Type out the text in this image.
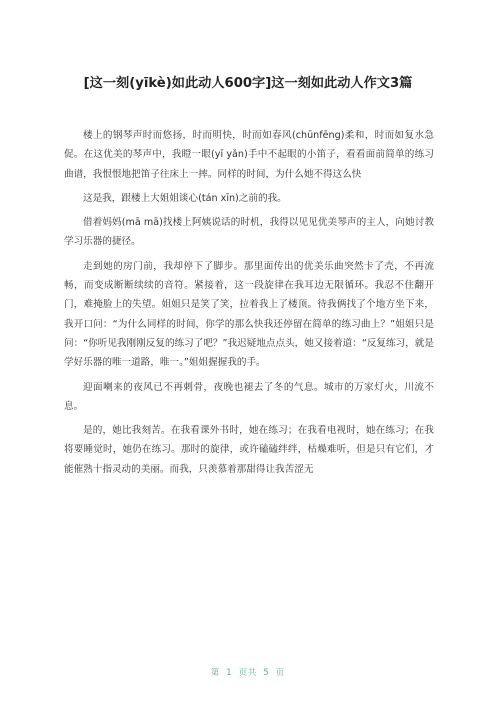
[这一刻(yīkè)如此动人600字]这一刻如此动人作文3篇

楼上的钢琴声时而悠扬，时而明快，时而如春风(chūnfēng)柔和，时而如复水急促。在这优美的琴声中，我瞪一眼(yī yǎn)手中不起眼的小笛子，看看面前简单的练习曲谱，我恨恨地把笛子往床上一摔。同样的时间，为什么她不得这么快

这是我，跟楼上大姐姐谈心(tán xīn)之前的我。

借着妈妈(mā mā)找楼上阿姨说话的时机，我得以见见优美琴声的主人，向她讨教学习乐器的捷径。

走到她的房门前，我却停下了脚步。那里面传出的优美乐曲突然卡了壳，不再流畅，而变成断断续续的音符。紧接着，这一段旋律在我耳边无限循环。我忍不住翻开门，难掩脸上的失望。姐姐只是笑了笑，拉着我上了楼顶。待我俩找了个地方坐下来，我开口问：“为什么同样的时间，你学的那么快我还停留在简单的练习曲上？”姐姐只是问：“你听见我刚刚反复的练习了吧？”我迟疑地点点头，她又接着道：“反复练习，就是学好乐器的唯一道路，唯一。”姐姐握握我的手。

迎面喇来的夜风已不再刺骨，夜晚也褪去了冬的气息。城市的万家灯火，川流不息。

是的，她比我刻苦。在我看课外书时，她在练习；在我看电视时，她在练习；在我将要睡觉时，她仍在练习。那时的旋律，或许磕磕绊绊，枯燥难听，但是只有它们，才能催熟十指灵动的美丽。而我，只羡慕着那甜得让我苦涩无

第 1 页共 5 页
